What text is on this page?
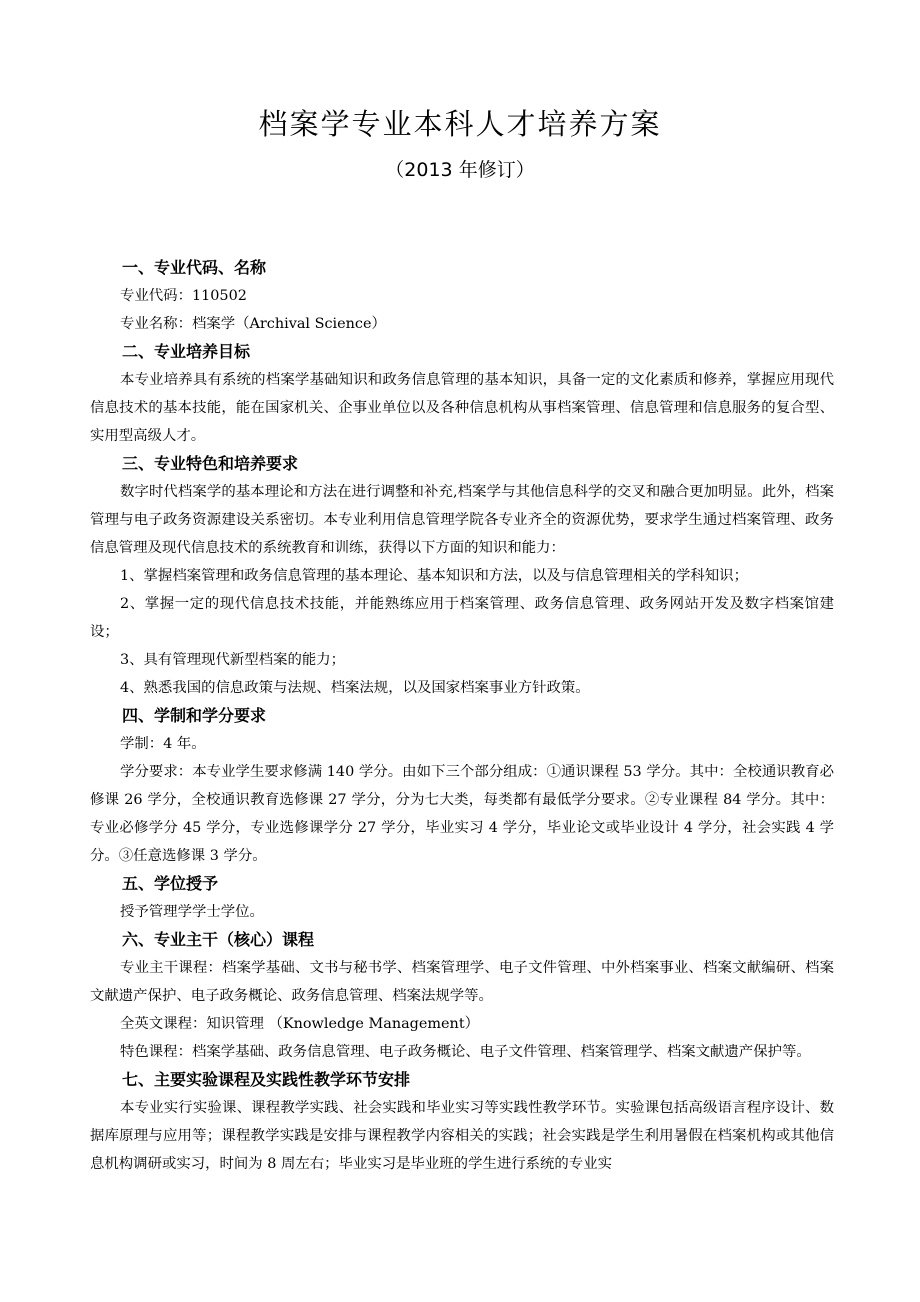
档案学专业本科人才培养方案
（2013 年修订）
一、专业代码、名称
专业代码：110502
专业名称：档案学（Archival Science）
二、专业培养目标
本专业培养具有系统的档案学基础知识和政务信息管理的基本知识，具备一定的文化素质和修养，掌握应用现代信息技术的基本技能，能在国家机关、企事业单位以及各种信息机构从事档案管理、信息管理和信息服务的复合型、实用型高级人才。
三、专业特色和培养要求
数字时代档案学的基本理论和方法在进行调整和补充,档案学与其他信息科学的交叉和融合更加明显。此外，档案管理与电子政务资源建设关系密切。本专业利用信息管理学院各专业齐全的资源优势，要求学生通过档案管理、政务信息管理及现代信息技术的系统教育和训练，获得以下方面的知识和能力：
1、掌握档案管理和政务信息管理的基本理论、基本知识和方法，以及与信息管理相关的学科知识；
2、掌握一定的现代信息技术技能，并能熟练应用于档案管理、政务信息管理、政务网站开发及数字档案馆建设；
3、具有管理现代新型档案的能力；
4、熟悉我国的信息政策与法规、档案法规，以及国家档案事业方针政策。
四、学制和学分要求
学制：4 年。
学分要求：本专业学生要求修满 140 学分。由如下三个部分组成：①通识课程 53 学分。其中：全校通识教育必修课 26 学分，全校通识教育选修课 27 学分，分为七大类，每类都有最低学分要求。②专业课程 84 学分。其中：专业必修学分 45 学分，专业选修课学分 27 学分，毕业实习 4 学分，毕业论文或毕业设计 4 学分，社会实践 4 学分。③任意选修课 3 学分。
五、学位授予
授予管理学学士学位。
六、专业主干（核心）课程
专业主干课程：档案学基础、文书与秘书学、档案管理学、电子文件管理、中外档案事业、档案文献编研、档案文献遗产保护、电子政务概论、政务信息管理、档案法规学等。
全英文课程：知识管理 （Knowledge Management）
特色课程：档案学基础、政务信息管理、电子政务概论、电子文件管理、档案管理学、档案文献遗产保护等。
七、主要实验课程及实践性教学环节安排
本专业实行实验课、课程教学实践、社会实践和毕业实习等实践性教学环节。实验课包括高级语言程序设计、数据库原理与应用等；课程教学实践是安排与课程教学内容相关的实践；社会实践是学生利用暑假在档案机构或其他信息机构调研或实习，时间为 8 周左右；毕业实习是毕业班的学生进行系统的专业实
